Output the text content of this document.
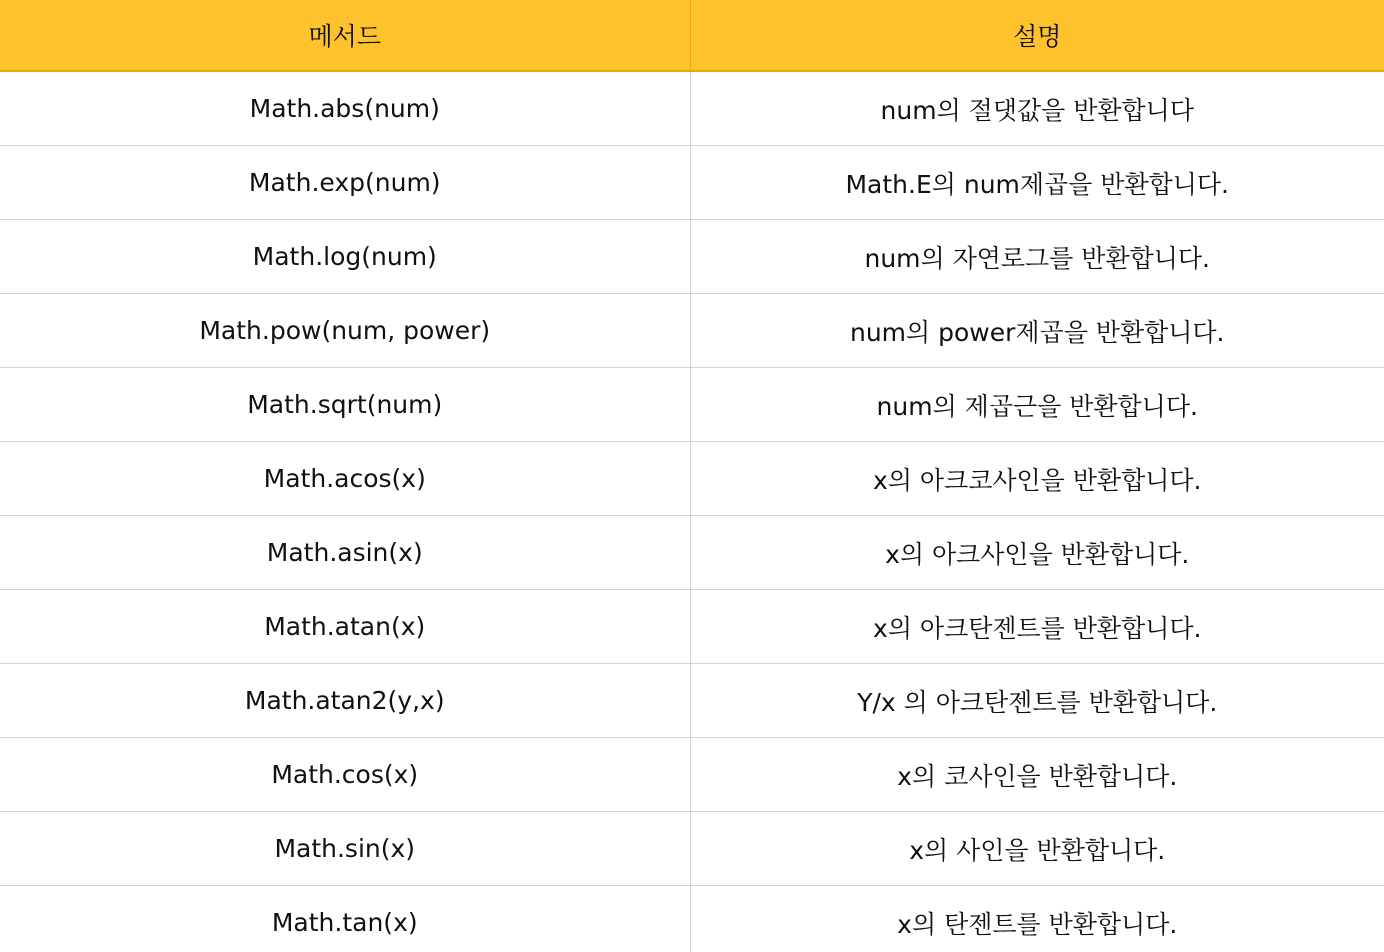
메서드	설명
Math.abs(num)	num의 절댓값을 반환합니다
Math.exp(num)	Math.E의 num제곱을 반환합니다.
Math.log(num)	num의 자연로그를 반환합니다.
Math.pow(num, power)	num의 power제곱을 반환합니다.
Math.sqrt(num)	num의 제곱근을 반환합니다.
Math.acos(x)	x의 아크코사인을 반환합니다.
Math.asin(x)	x의 아크사인을 반환합니다.
Math.atan(x)	x의 아크탄젠트를 반환합니다.
Math.atan2(y,x)	Y/x 의 아크탄젠트를 반환합니다.
Math.cos(x)	x의 코사인을 반환합니다.
Math.sin(x)	x의 사인을 반환합니다.
Math.tan(x)	x의 탄젠트를 반환합니다.
